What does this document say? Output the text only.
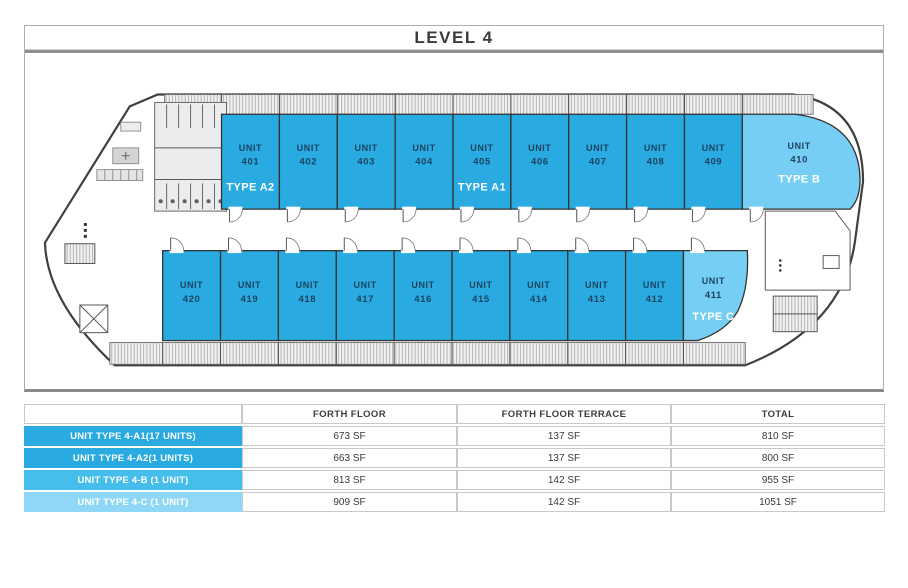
LEVEL 4
UNIT
401
TYPE A2
UNIT
402
UNIT
403
UNIT
404
UNIT
405
TYPE A1
UNIT
406
UNIT
407
UNIT
408
UNIT
409
UNIT
410
TYPE B
UNIT
420
UNIT
419
UNIT
418
UNIT
417
UNIT
416
UNIT
415
UNIT
414
UNIT
413
UNIT
412
UNIT
411
TYPE C
	FORTH FLOOR	FORTH FLOOR TERRACE	TOTAL
UNIT TYPE 4-A1(17 UNITS)	673 SF	137 SF	810 SF
UNIT TYPE 4-A2(1 UNITS)	663 SF	137 SF	800 SF
UNIT TYPE 4-B (1 UNIT)	813 SF	142 SF	955 SF
UNIT TYPE 4-C (1 UNIT)	909 SF	142 SF	1051 SF
